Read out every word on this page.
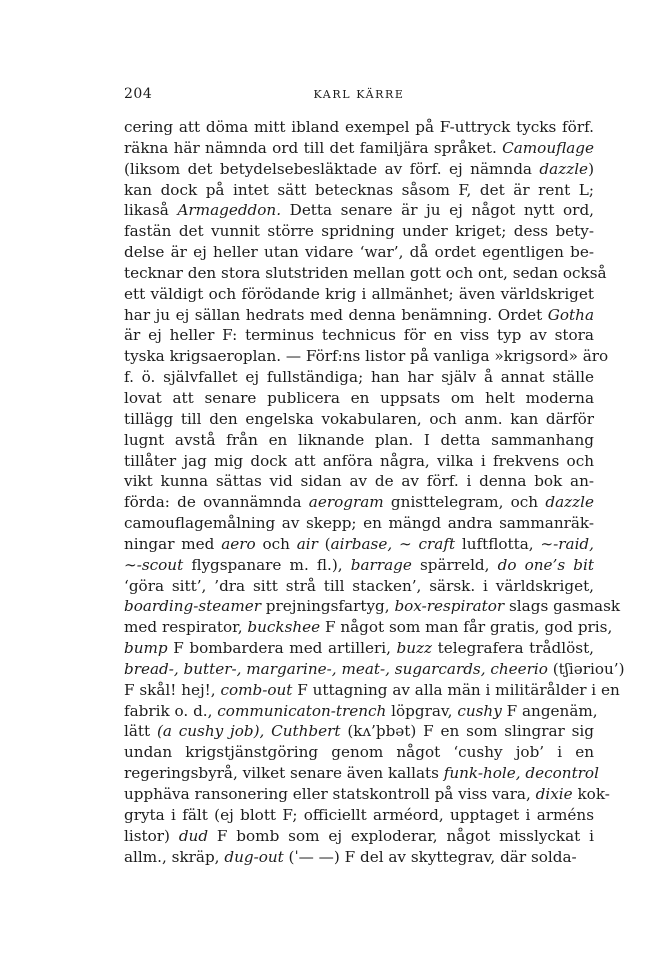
204	KARL KÄRRE
cering att döma mitt ibland exempel på F-uttryck tycks förf.
räkna här nämnda ord till det familjära språket. Camouflage
(liksom det betydelsebesläktade av förf. ej nämnda dazzle)
kan dock på intet sätt betecknas såsom F, det är rent L;
likaså Armageddon. Detta senare är ju ej något nytt ord,
fastän det vunnit större spridning under kriget; dess bety-
delse är ej heller utan vidare ‘war’, då ordet egentligen be-
tecknar den stora slutstriden mellan gott och ont, sedan också
ett väldigt och förödande krig i allmänhet; även världskriget
har ju ej sällan hedrats med denna benämning. Ordet Gotha
är ej heller F: terminus technicus för en viss typ av stora
tyska krigsaeroplan. — Förf:ns listor på vanliga »krigsord» äro
f. ö. självfallet ej fullständiga; han har själv å annat ställe
lovat att senare publicera en uppsats om helt moderna
tillägg till den engelska vokabularen, och anm. kan därför
lugnt avstå från en liknande plan. I detta sammanhang
tillåter jag mig dock att anföra några, vilka i frekvens och
vikt kunna sättas vid sidan av de av förf. i denna bok an-
förda: de ovannämnda aerogram gnisttelegram, och dazzle
camouflagemålning av skepp; en mängd andra sammanräk-
ningar med aero och air (airbase, ∼ craft luftflotta, ∼-raid,
∼-scout flygspanare m. fl.), barrage spärreld, do one’s bit
‘göra sitt’, ’dra sitt strå till stacken’, särsk. i världskriget,
boarding-steamer prejningsfartyg, box-respirator slags gasmask
med respirator, buckshee F något som man får gratis, god pris,
bump F bombardera med artilleri, buzz telegrafera trådlöst,
bread-, butter-, margarine-, meat-, sugarcards, cheerio (tʃiəriou’)
F skål! hej!, comb-out F uttagning av alla män i militärålder i en
fabrik o. d., communicaton-trench löpgrav, cushy F angenäm,
lätt (a cushy job), Cuthbert (kʌ’þbət) F en som slingrar sig
undan krigstjänstgöring genom något ‘cushy job’ i en
regeringsbyrå, vilket senare även kallats funk-hole, decontrol
upphäva ransonering eller statskontroll på viss vara, dixie kok-
gryta i fält (ej blott F; officiellt arméord, upptaget i arméns
listor) dud F bomb som ej exploderar, något misslyckat i
allm., skräp, dug-out (ˈ— —) F del av skyttegrav, där solda-
